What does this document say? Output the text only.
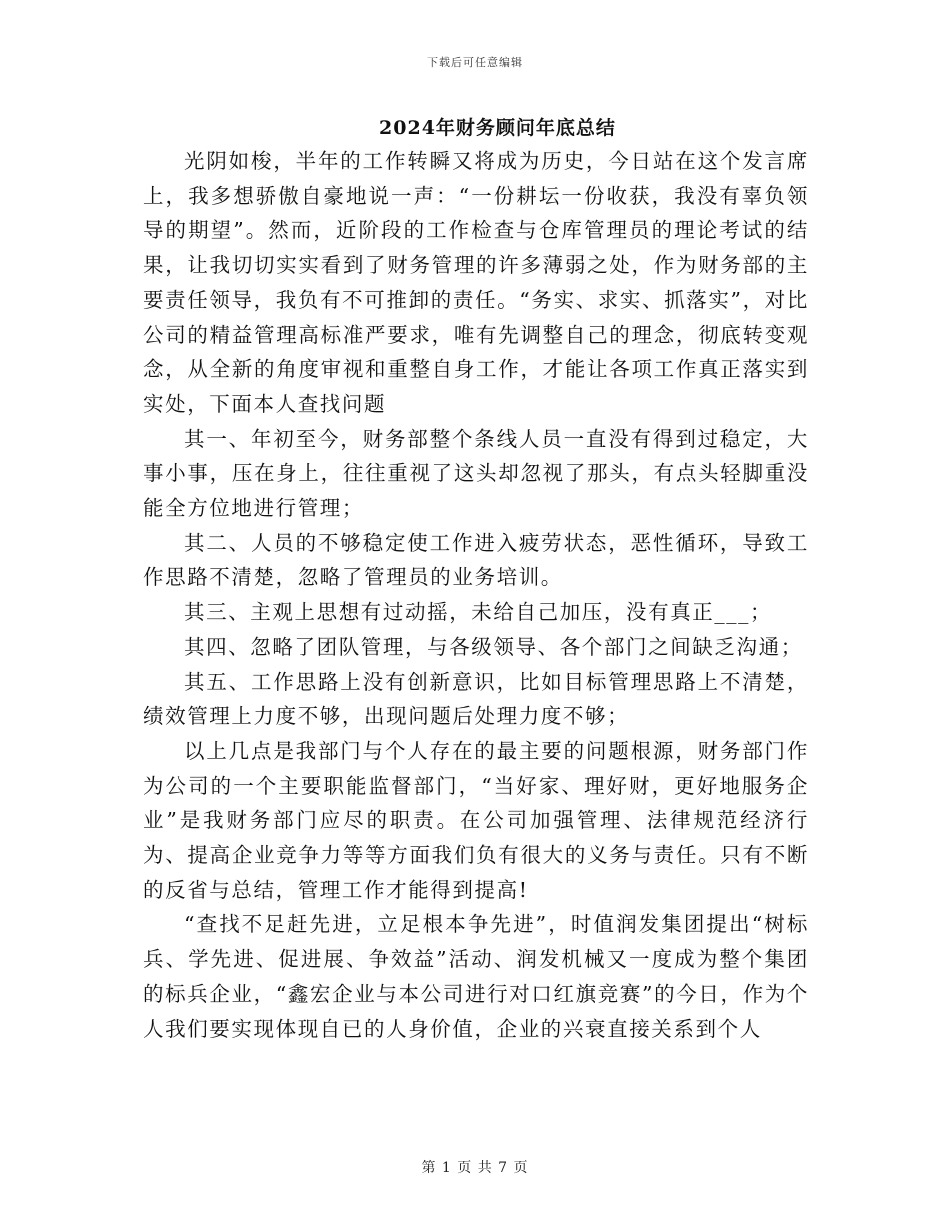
下载后可任意编辑
2024年财务顾问年底总结

光阴如梭，半年的工作转瞬又将成为历史，今日站在这个发言席上，我多想骄傲自豪地说一声：“一份耕坛一份收获，我没有辜负领导的期望”。然而，近阶段的工作检查与仓库管理员的理论考试的结果，让我切切实实看到了财务管理的许多薄弱之处，作为财务部的主要责任领导，我负有不可推卸的责任。“务实、求实、抓落实”，对比公司的精益管理高标准严要求，唯有先调整自己的理念，彻底转变观念，从全新的角度审视和重整自身工作，才能让各项工作真正落实到实处，下面本人查找问题

其一、年初至今，财务部整个条线人员一直没有得到过稳定，大事小事，压在身上，往往重视了这头却忽视了那头，有点头轻脚重没能全方位地进行管理；

其二、人员的不够稳定使工作进入疲劳状态，恶性循环，导致工作思路不清楚，忽略了管理员的业务培训。

其三、主观上思想有过动摇，未给自己加压，没有真正___；

其四、忽略了团队管理，与各级领导、各个部门之间缺乏沟通；

其五、工作思路上没有创新意识，比如目标管理思路上不清楚，绩效管理上力度不够，出现问题后处理力度不够；

以上几点是我部门与个人存在的最主要的问题根源，财务部门作为公司的一个主要职能监督部门，“当好家、理好财，更好地服务企业”是我财务部门应尽的职责。在公司加强管理、法律规范经济行为、提高企业竞争力等等方面我们负有很大的义务与责任。只有不断的反省与总结，管理工作才能得到提高!

“查找不足赶先进，立足根本争先进”，时值润发集团提出“树标兵、学先进、促进展、争效益”活动、润发机械又一度成为整个集团的标兵企业，“鑫宏企业与本公司进行对口红旗竞赛”的今日，作为个人我们要实现体现自已的人身价值，企业的兴衰直接关系到个人

第 1 页 共 7 页
